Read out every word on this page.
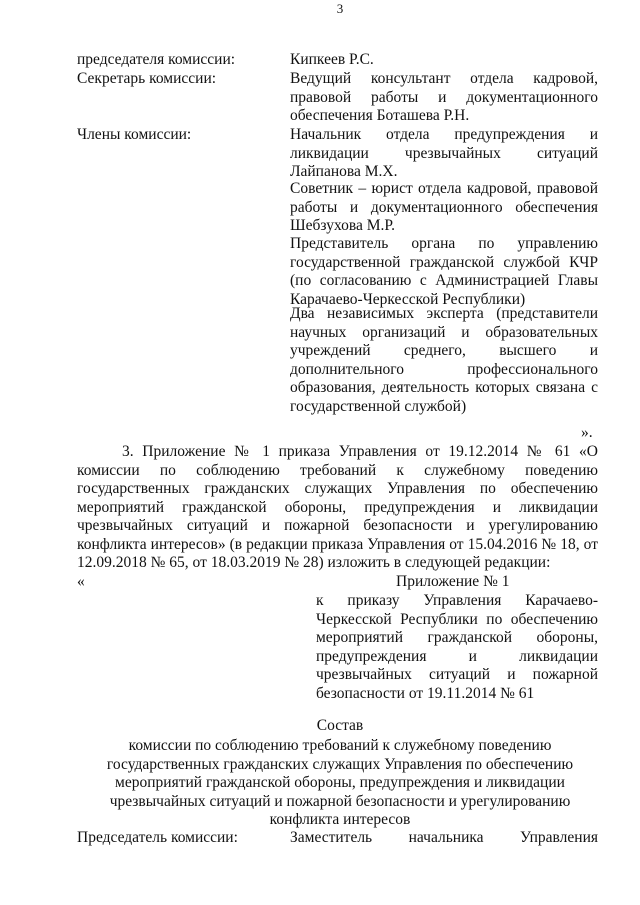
3
председателя комиссии:	Кипкеев Р.С.
Секретарь комиссии:	Ведущий консультант отдела кадровой,
правовой работы и документационного
обеспечения Боташева Р.Н.
Члены комиссии:	Начальник отдела предупреждения и
ликвидации чрезвычайных ситуаций
Лайпанова М.Х.
Советник – юрист отдела кадровой, правовой
работы и документационного обеспечения
Шебзухова М.Р.
Представитель органа по управлению
государственной гражданской службой КЧР
(по согласованию с Администрацией Главы
Карачаево-Черкесской Республики)
Два независимых эксперта (представители
научных организаций и образовательных
учреждений среднего, высшего и
дополнительного профессионального
образования, деятельность которых связана с
государственной службой)
».
3. Приложение № 1 приказа Управления от 19.12.2014 № 61 «О
комиссии по соблюдению требований к служебному поведению
государственных гражданских служащих Управления по обеспечению
мероприятий гражданской обороны, предупреждения и ликвидации
чрезвычайных ситуаций и пожарной безопасности и урегулированию
конфликта интересов» (в редакции приказа Управления от 15.04.2016 № 18, от
12.09.2018 № 65, от 18.03.2019 № 28) изложить в следующей редакции:
«	Приложение № 1
к приказу Управления Карачаево-
Черкесской Республики по обеспечению
мероприятий гражданской обороны,
предупреждения и ликвидации
чрезвычайных ситуаций и пожарной
безопасности от 19.11.2014 № 61
Состав
комиссии по соблюдению требований к служебному поведению
государственных гражданских служащих Управления по обеспечению
мероприятий гражданской обороны, предупреждения и ликвидации
чрезвычайных ситуаций и пожарной безопасности и урегулированию
конфликта интересов
Председатель комиссии:	Заместитель начальника Управления
